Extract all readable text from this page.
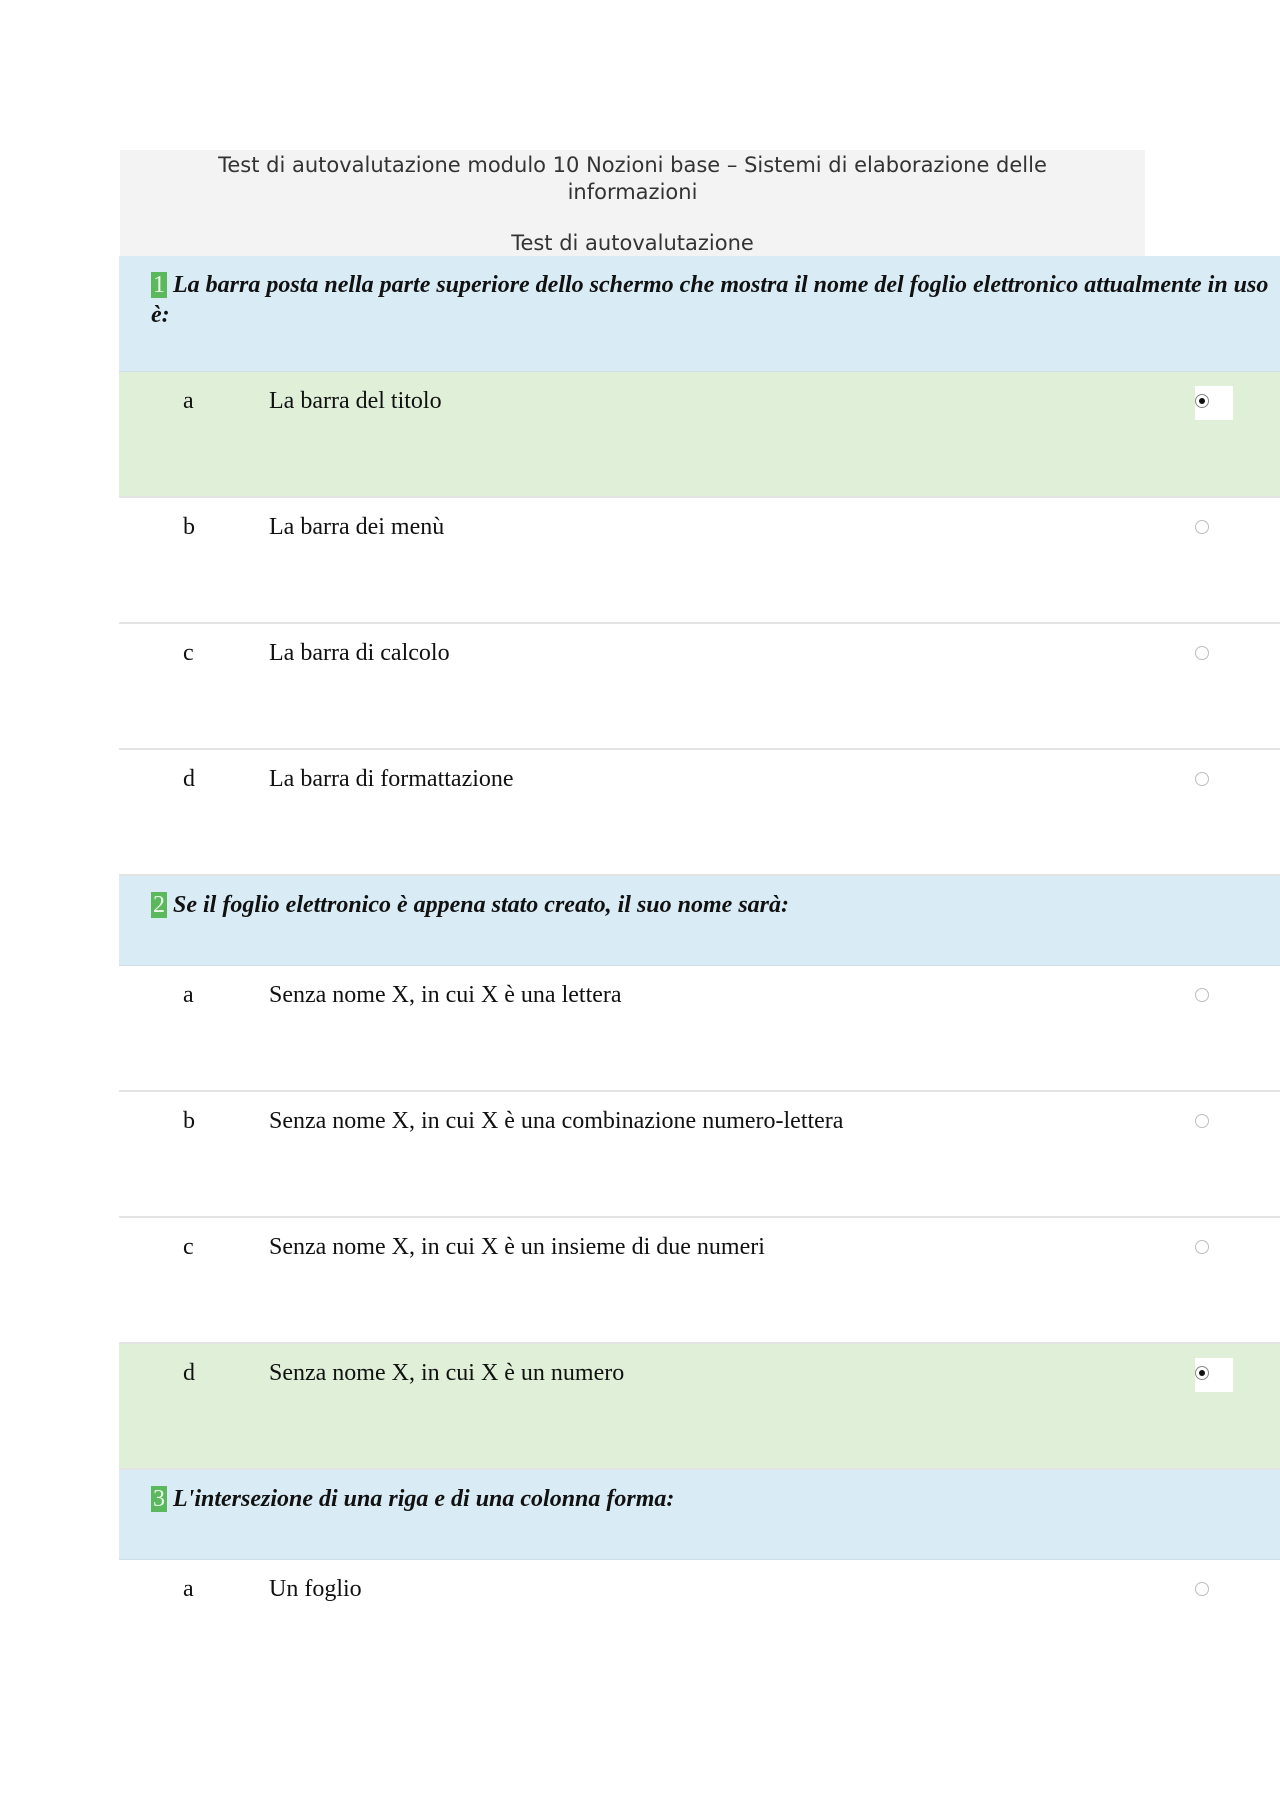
Test di autovalutazione modulo 10 Nozioni base – Sistemi di elaborazione delle informazioni
Test di autovalutazione
1 La barra posta nella parte superiore dello schermo che mostra il nome del foglio elettronico attualmente in uso è:
a	La barra del titolo
b	La barra dei menù
c	La barra di calcolo
d	La barra di formattazione
2 Se il foglio elettronico è appena stato creato, il suo nome sarà:
a	Senza nome X, in cui X è una lettera
b	Senza nome X, in cui X è una combinazione numero-lettera
c	Senza nome X, in cui X è un insieme di due numeri
d	Senza nome X, in cui X è un numero
3 L'intersezione di una riga e di una colonna forma:
a	Un foglio
